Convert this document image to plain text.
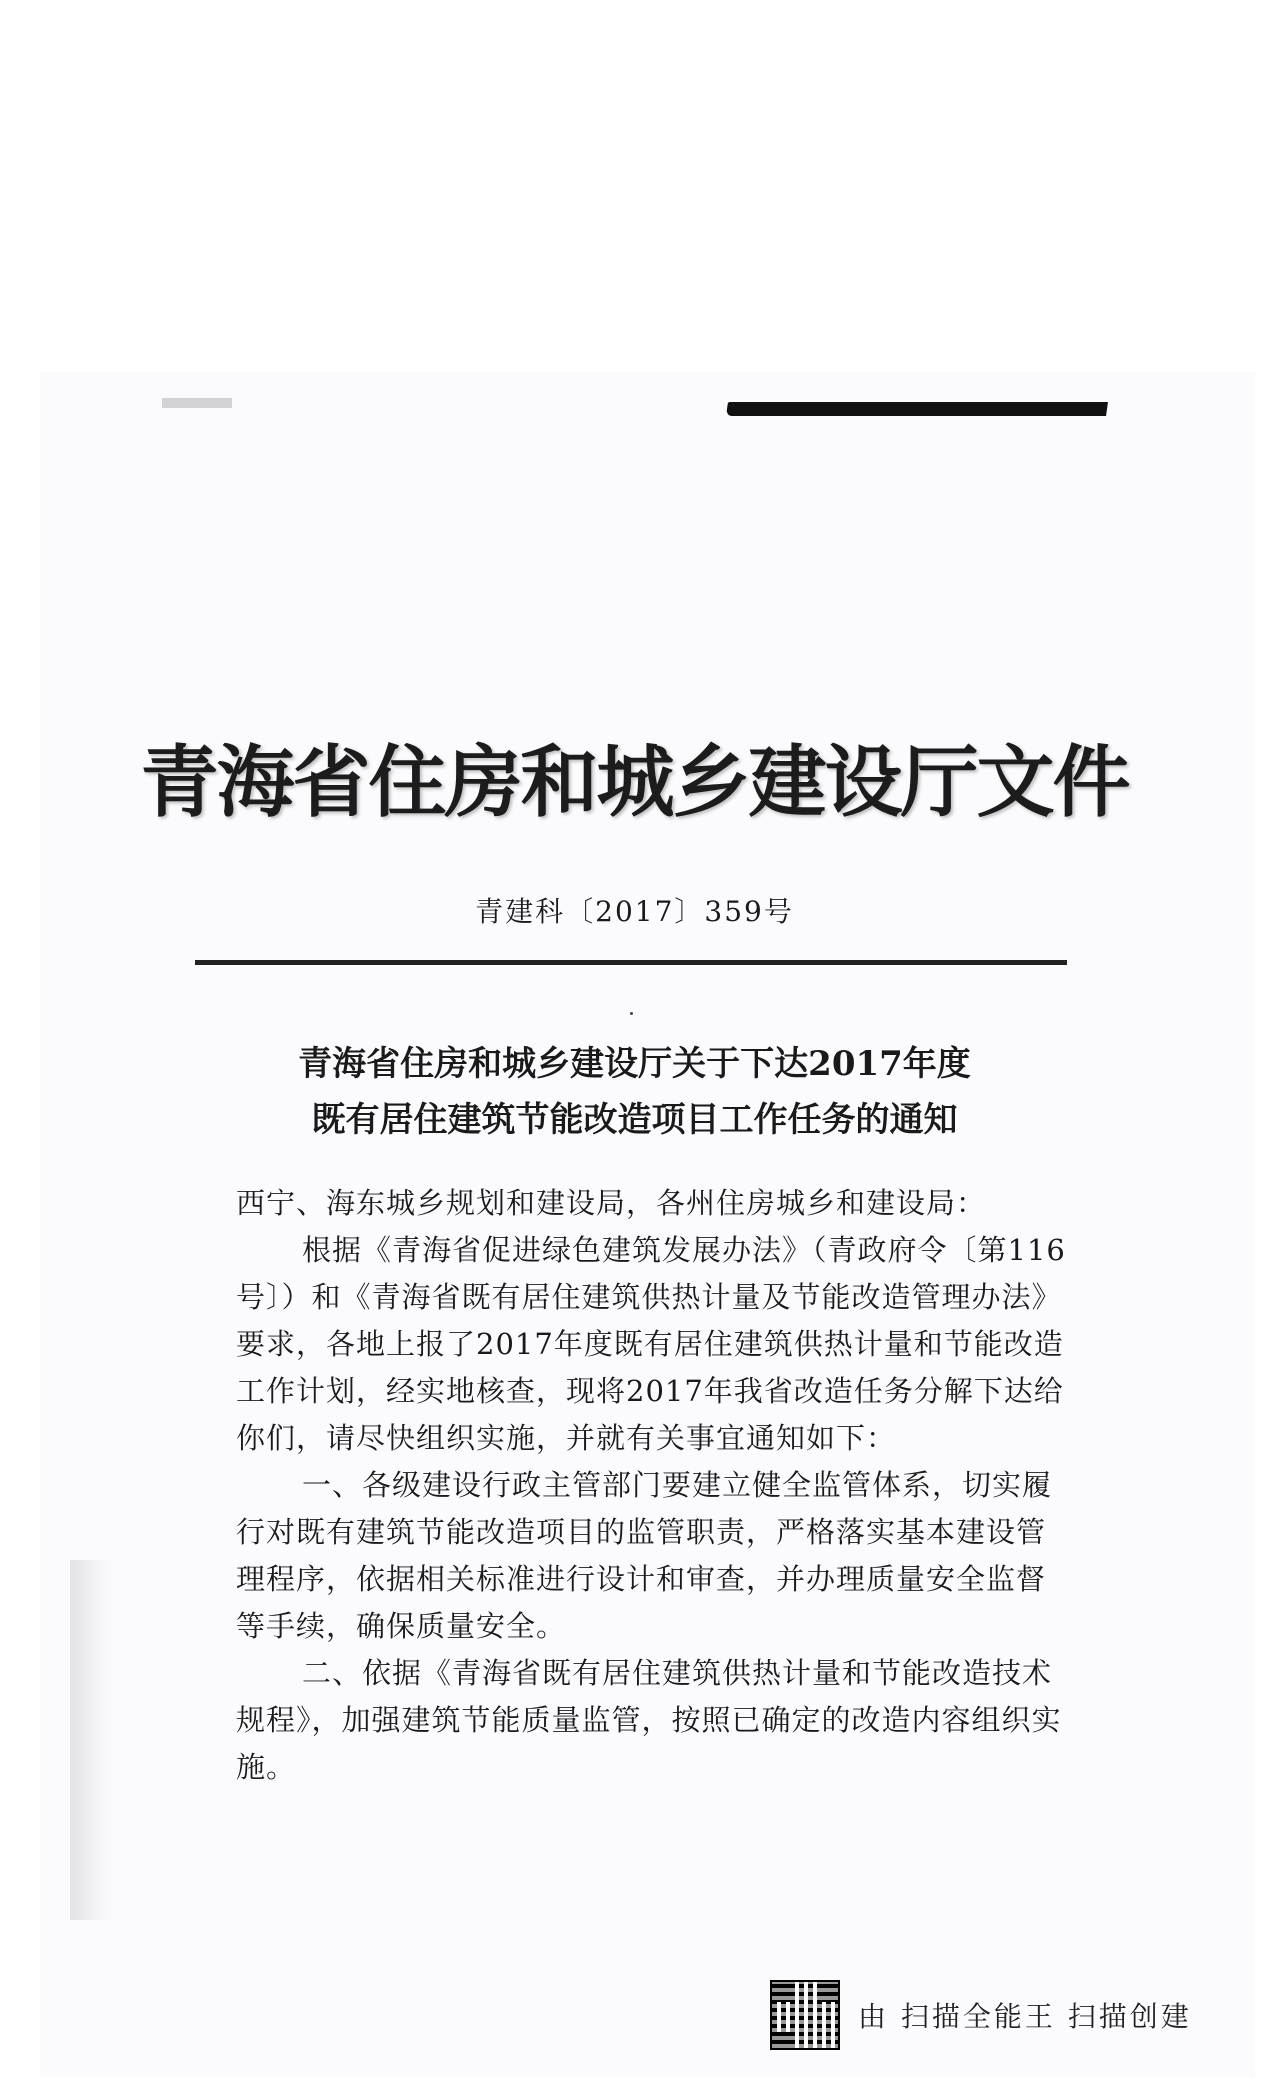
青海省住房和城乡建设厅文件
青建科〔2017〕359号
青海省住房和城乡建设厅关于下达2017年度
既有居住建筑节能改造项目工作任务的通知

西宁、海东城乡规划和建设局，各州住房城乡和建设局：

根据《青海省促进绿色建筑发展办法》（青政府令〔第116号〕）和《青海省既有居住建筑供热计量及节能改造管理办法》要求，各地上报了2017年度既有居住建筑供热计量和节能改造工作计划，经实地核查，现将2017年我省改造任务分解下达给你们，请尽快组织实施，并就有关事宜通知如下：

一、各级建设行政主管部门要建立健全监管体系，切实履行对既有建筑节能改造项目的监管职责，严格落实基本建设管理程序，依据相关标准进行设计和审查，并办理质量安全监督等手续，确保质量安全。

二、依据《青海省既有居住建筑供热计量和节能改造技术规程》，加强建筑节能质量监管，按照已确定的改造内容组织实施。

由 扫描全能王 扫描创建
